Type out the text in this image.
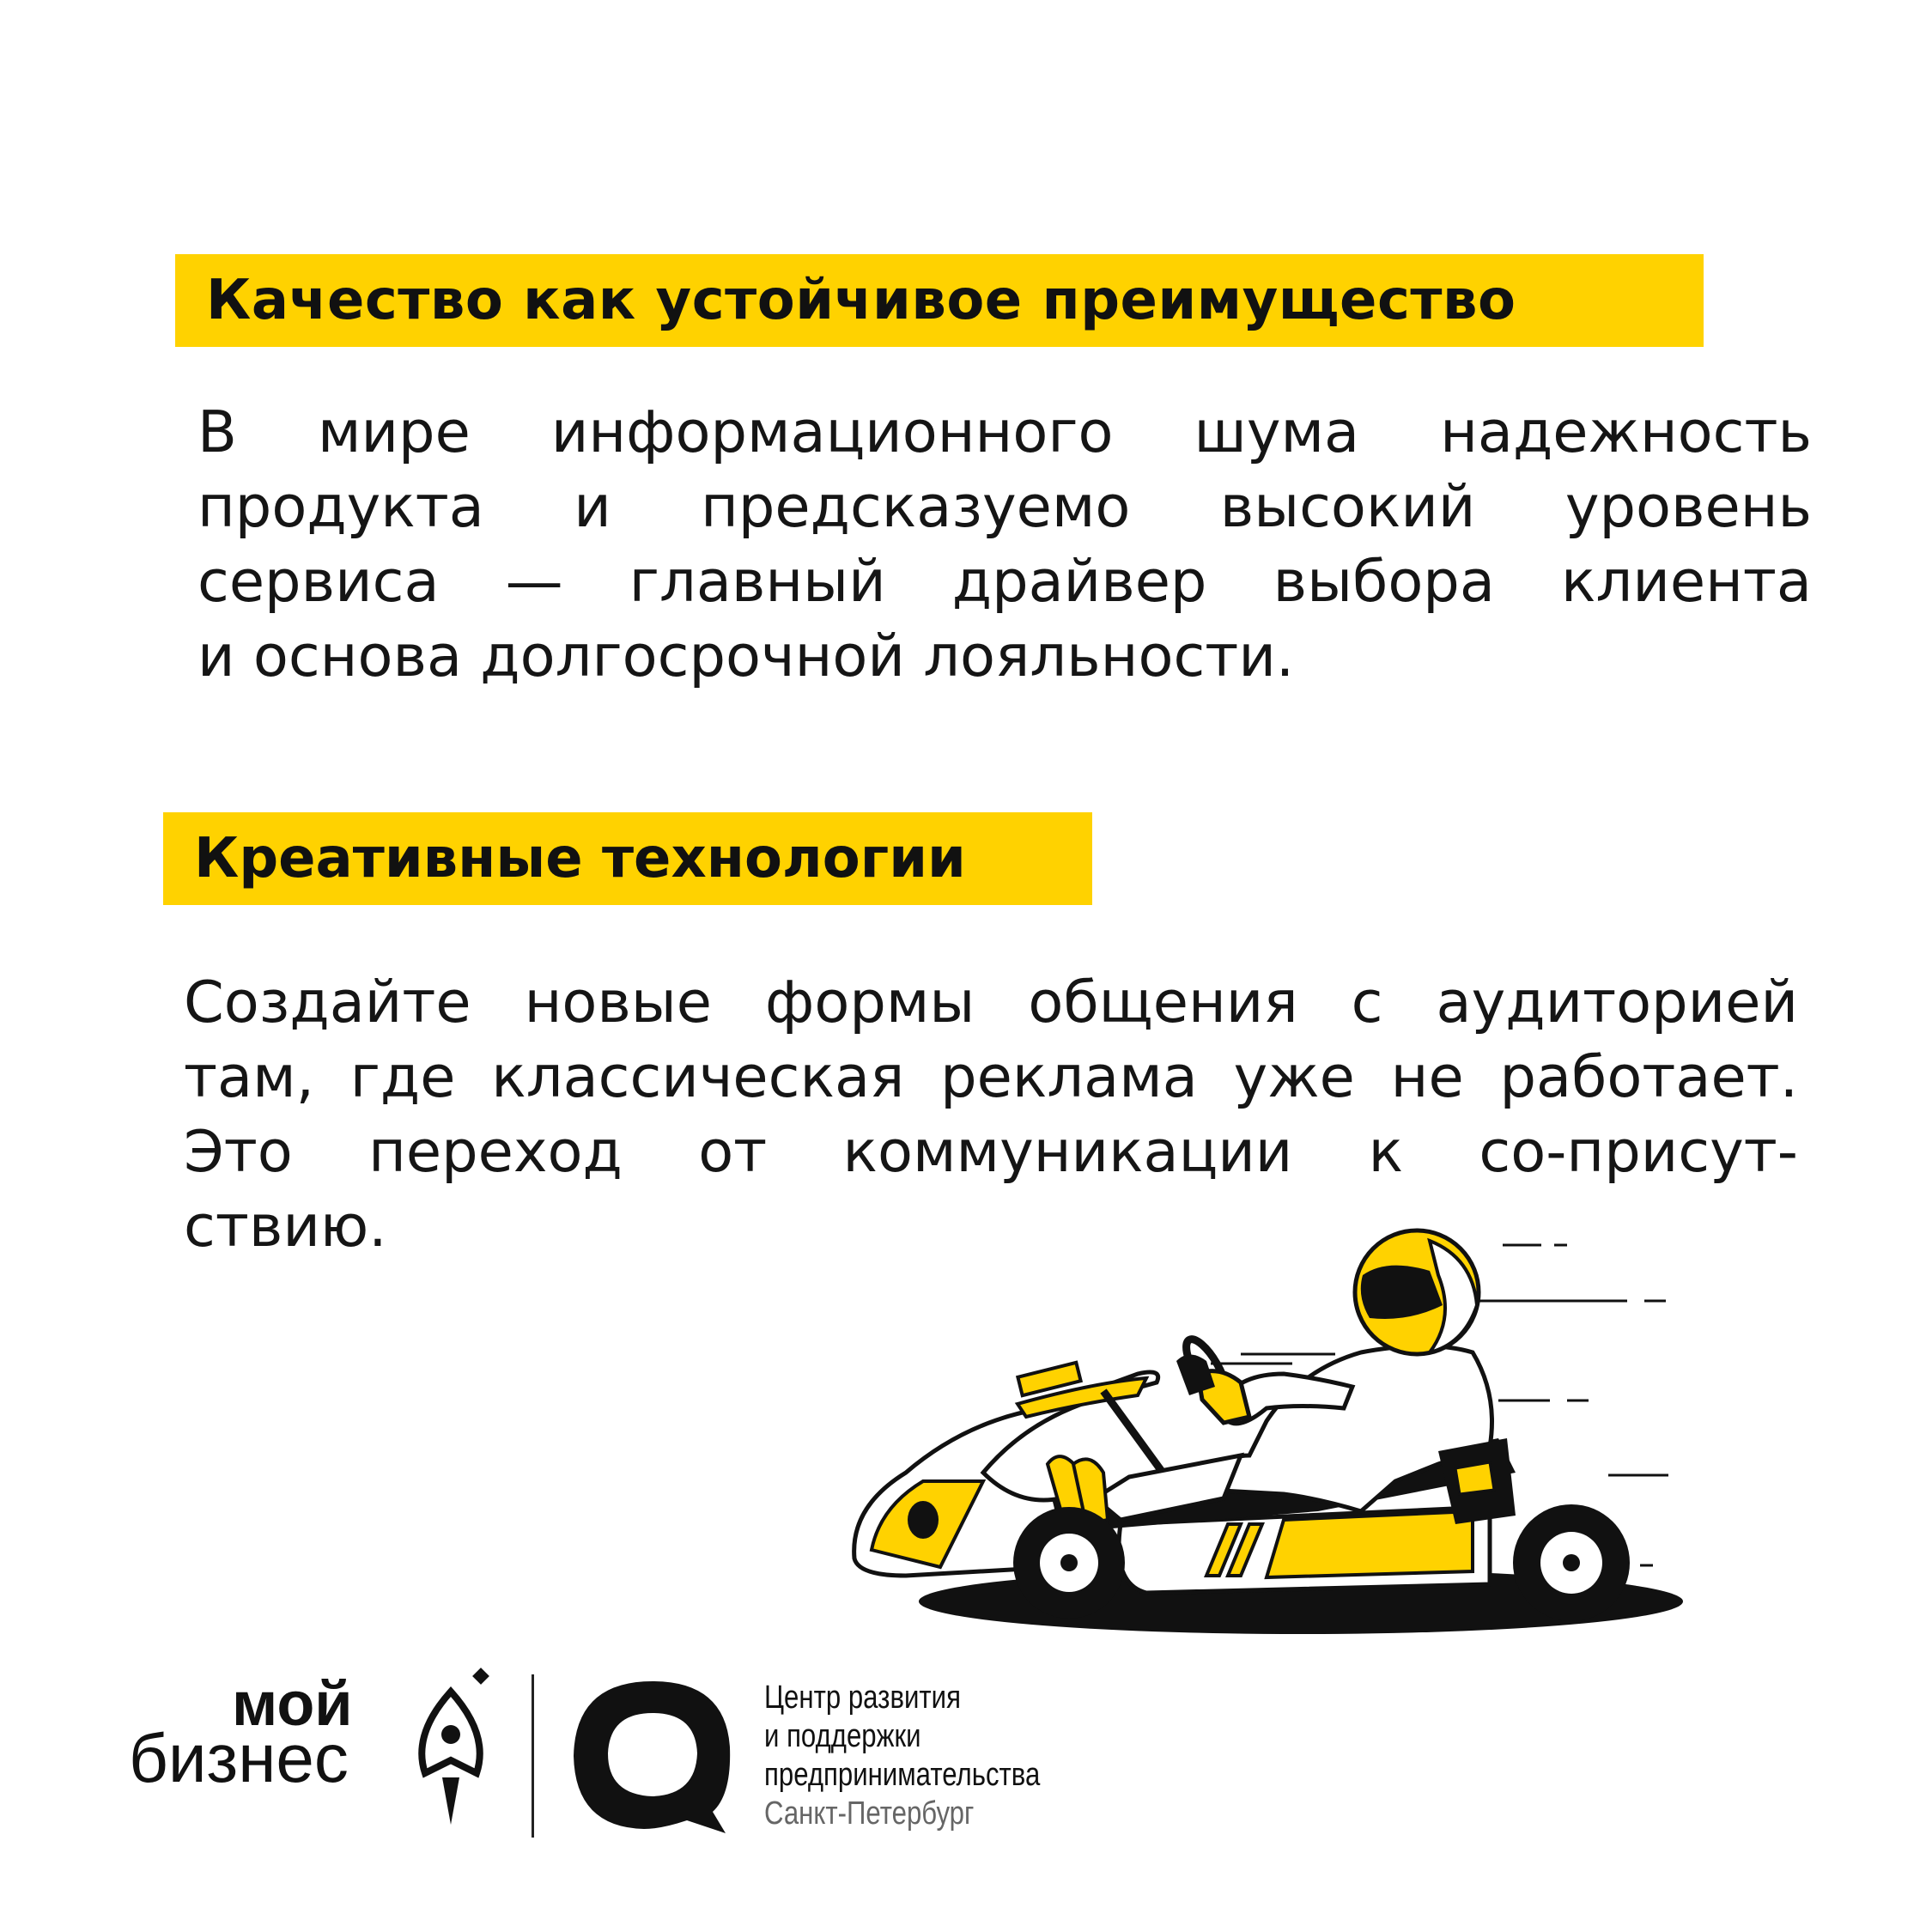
Качество как устойчивое преимущество
В мире информационного шума надежность
продукта и предсказуемо высокий уровень
сервиса — главный драйвер выбора клиента
и основа долгосрочной лояльности.
Креативные технологии
Создайте новые формы общения с аудиторией
там, где классическая реклама уже не работает.
Это переход от коммуникации к со-присут-
ствию.
мой
бизнес
Центр развития
и поддержки
предпринимательства
Санкт-Петербург
